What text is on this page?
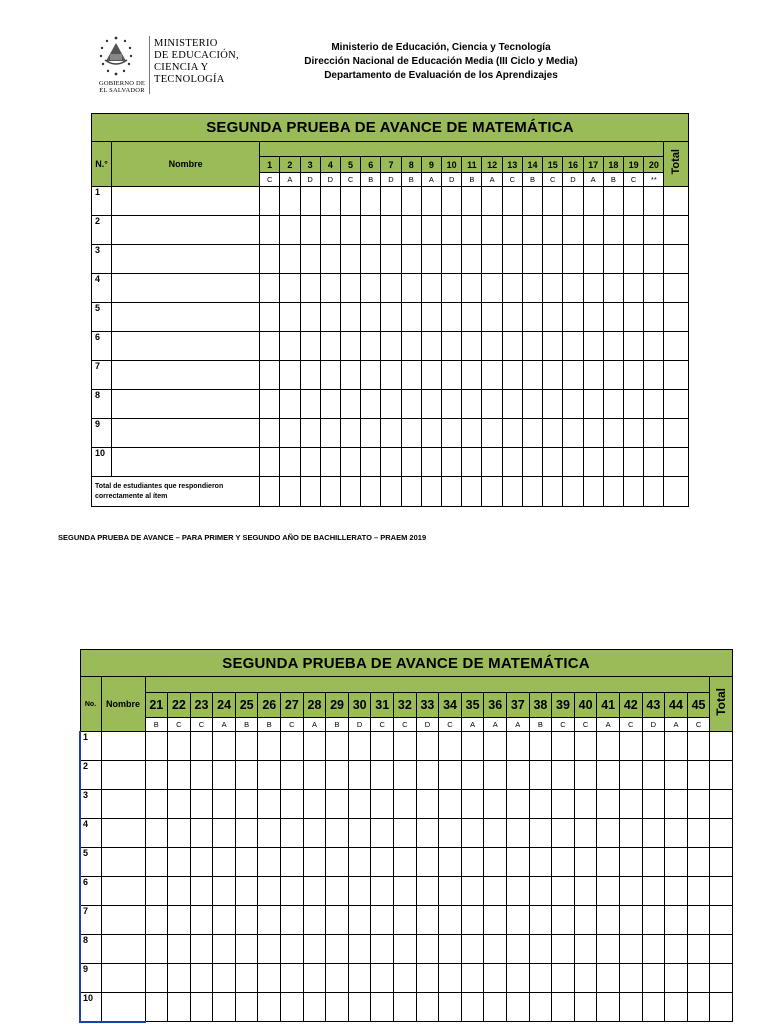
GOBIERNO DE
EL SALVADOR
MINISTERIO
DE EDUCACIÓN,
CIENCIA Y
TECNOLOGÍA
Ministerio de Educación, Ciencia y Tecnología
Dirección Nacional de Educación Media (III Ciclo y Media)
Departamento de Evaluación de los Aprendizajes
SEGUNDA PRUEBA DE AVANCE DE MATEMÁTICA																						
N.°	Nombre																					Total
		1	2	3	4	5	6	7	8	9	10	11	12	13	14	15	16	17	18	19	20	
		C	A	D	D	C	B	D	B	A	D	B	A	C	B	C	D	A	B	C	**	
1																						
2																						
3																						
4																						
5																						
6																						
7																						
8																						
9																						
10																						
Total de estudiantes que respondieron correctamente al ítem																						
SEGUNDA PRUEBA DE AVANCE – PARA PRIMER Y SEGUNDO AÑO DE BACHILLERATO – PRAEM 2019
SEGUNDA PRUEBA DE AVANCE DE MATEMÁTICA																											
No.	Nombre																										Total
		21	22	23	24	25	26	27	28	29	30	31	32	33	34	35	36	37	38	39	40	41	42	43	44	45	
		B	C	C	A	B	B	C	A	B	D	C	C	D	C	A	A	A	B	C	C	A	C	D	A	C	
1																											
2																											
3																											
4																											
5																											
6																											
7																											
8																											
9																											
10																											
